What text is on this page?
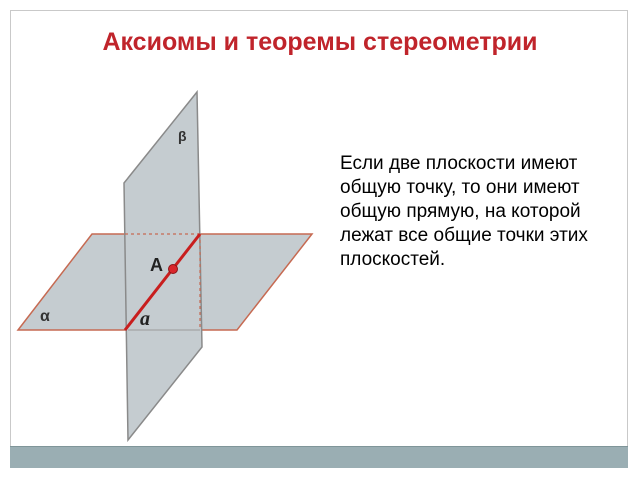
Аксиомы и теоремы стереометрии
β
α
A
a
Если две плоскости имеют общую точку, то они имеют общую прямую, на которой лежат все общие точки этих плоскостей.
